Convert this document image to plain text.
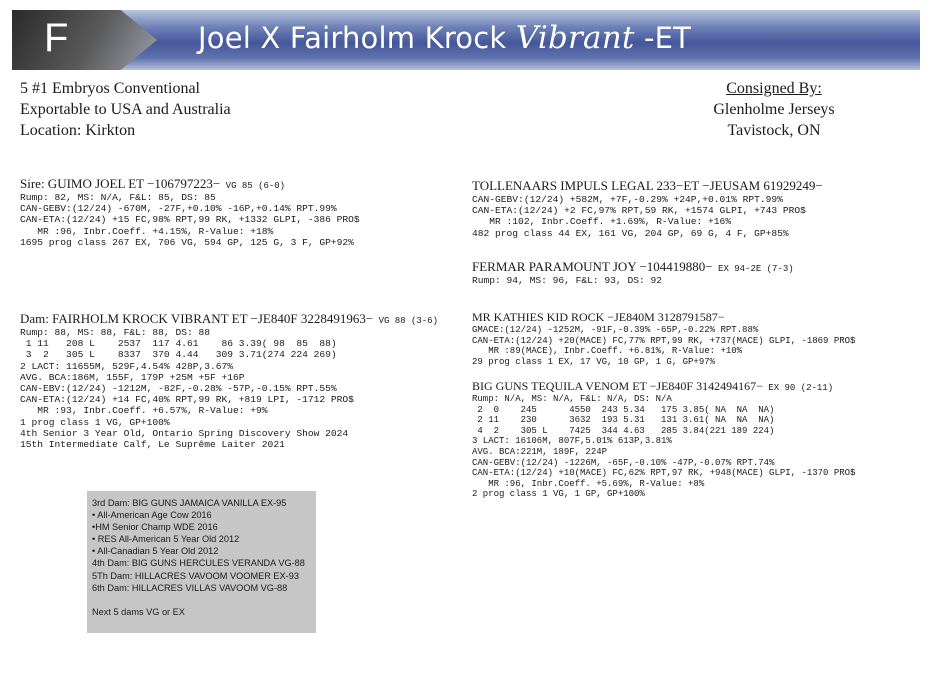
F	Joel X Fairholm Krock Vibrant -ET
5 #1 Embryos Conventional
Exportable to USA and Australia
Location: Kirkton
Consigned By:
Glenholme Jerseys
Tavistock, ON
Sire: GUIMO JOEL ET −106797223− VG 85 (6-0)
Rump: 82, MS: N/A, F&L: 85, DS: 85
CAN-GEBV:(12/24) -670M, -27F,+0.10% -16P,+0.14% RPT.99%
CAN-ETA:(12/24) +15 FC,98% RPT,99 RK, +1332 GLPI, -386 PRO$
MR :96, Inbr.Coeff. +4.15%, R-Value: +18%
1695 prog class 267 EX, 706 VG, 594 GP, 125 G, 3 F, GP+92%
Dam: FAIRHOLM KROCK VIBRANT ET −JE840F 3228491963− VG 88 (3-6)
Rump: 88, MS: 88, F&L: 88, DS: 88
1 11   208 L    2537  117 4.61    86 3.39( 98  85  88)
3  2   305 L    8337  370 4.44   309 3.71(274 224 269)
2 LACT: 11655M, 529F,4.54% 428P,3.67%
AVG. BCA:186M, 155F, 179P +25M +5F +16P
CAN-EBV:(12/24) -1212M, -82F,-0.28% -57P,-0.15% RPT.55%
CAN-ETA:(12/24) +14 FC,40% RPT,99 RK, +819 LPI, -1712 PRO$
MR :93, Inbr.Coeff. +6.57%, R-Value: +9%
1 prog class 1 VG, GP+100%
4th Senior 3 Year Old, Ontario Spring Discovery Show 2024
15th Intermediate Calf, Le Suprême Laiter 2021
3rd Dam: BIG GUNS JAMAICA VANILLA EX-95
• All-American Age Cow 2016
•HM Senior Champ WDE 2016
• RES All-American 5 Year Old 2012
• All-Canadian 5 Year Old 2012
4th Dam: BIG GUNS HERCULES VERANDA VG-88
5Th Dam: HILLACRES VAVOOM VOOMER EX-93
6th Dam: HILLACRES VILLAS VAVOOM VG-88
Next 5 dams VG or EX
TOLLENAARS IMPULS LEGAL 233−ET −JEUSAM 61929249−
CAN-GEBV:(12/24) +582M, +7F,-0.29% +24P,+0.01% RPT.99%
CAN-ETA:(12/24) +2 FC,97% RPT,59 RK, +1574 GLPI, +743 PRO$
MR :102, Inbr.Coeff. +1.69%, R-Value: +16%
482 prog class 44 EX, 161 VG, 204 GP, 69 G, 4 F, GP+85%
FERMAR PARAMOUNT JOY −104419880− EX 94-2E (7-3)
Rump: 94, MS: 96, F&L: 93, DS: 92
MR KATHIES KID ROCK −JE840M 3128791587−
GMACE:(12/24) -1252M, -91F,-0.39% -65P,-0.22% RPT.88%
CAN-ETA:(12/24) +20(MACE) FC,77% RPT,99 RK, +737(MACE) GLPI, -1869 PRO$
MR :89(MACE), Inbr.Coeff. +6.81%, R-Value: +10%
29 prog class 1 EX, 17 VG, 10 GP, 1 G, GP+97%
BIG GUNS TEQUILA VENOM ET −JE840F 3142494167− EX 90 (2-11)
Rump: N/A, MS: N/A, F&L: N/A, DS: N/A
2  0    245      4550  243 5.34   175 3.85( NA  NA  NA)
2 11    230      3632  193 5.31   131 3.61( NA  NA  NA)
4  2    305 L    7425  344 4.63   285 3.84(221 189 224)
3 LACT: 16106M, 807F,5.01% 613P,3.81%
AVG. BCA:221M, 189F, 224P
CAN-GEBV:(12/24) -1226M, -65F,-0.10% -47P,-0.07% RPT.74%
CAN-ETA:(12/24) +10(MACE) FC,62% RPT,97 RK, +948(MACE) GLPI, -1370 PRO$
MR :96, Inbr.Coeff. +5.69%, R-Value: +8%
2 prog class 1 VG, 1 GP, GP+100%
